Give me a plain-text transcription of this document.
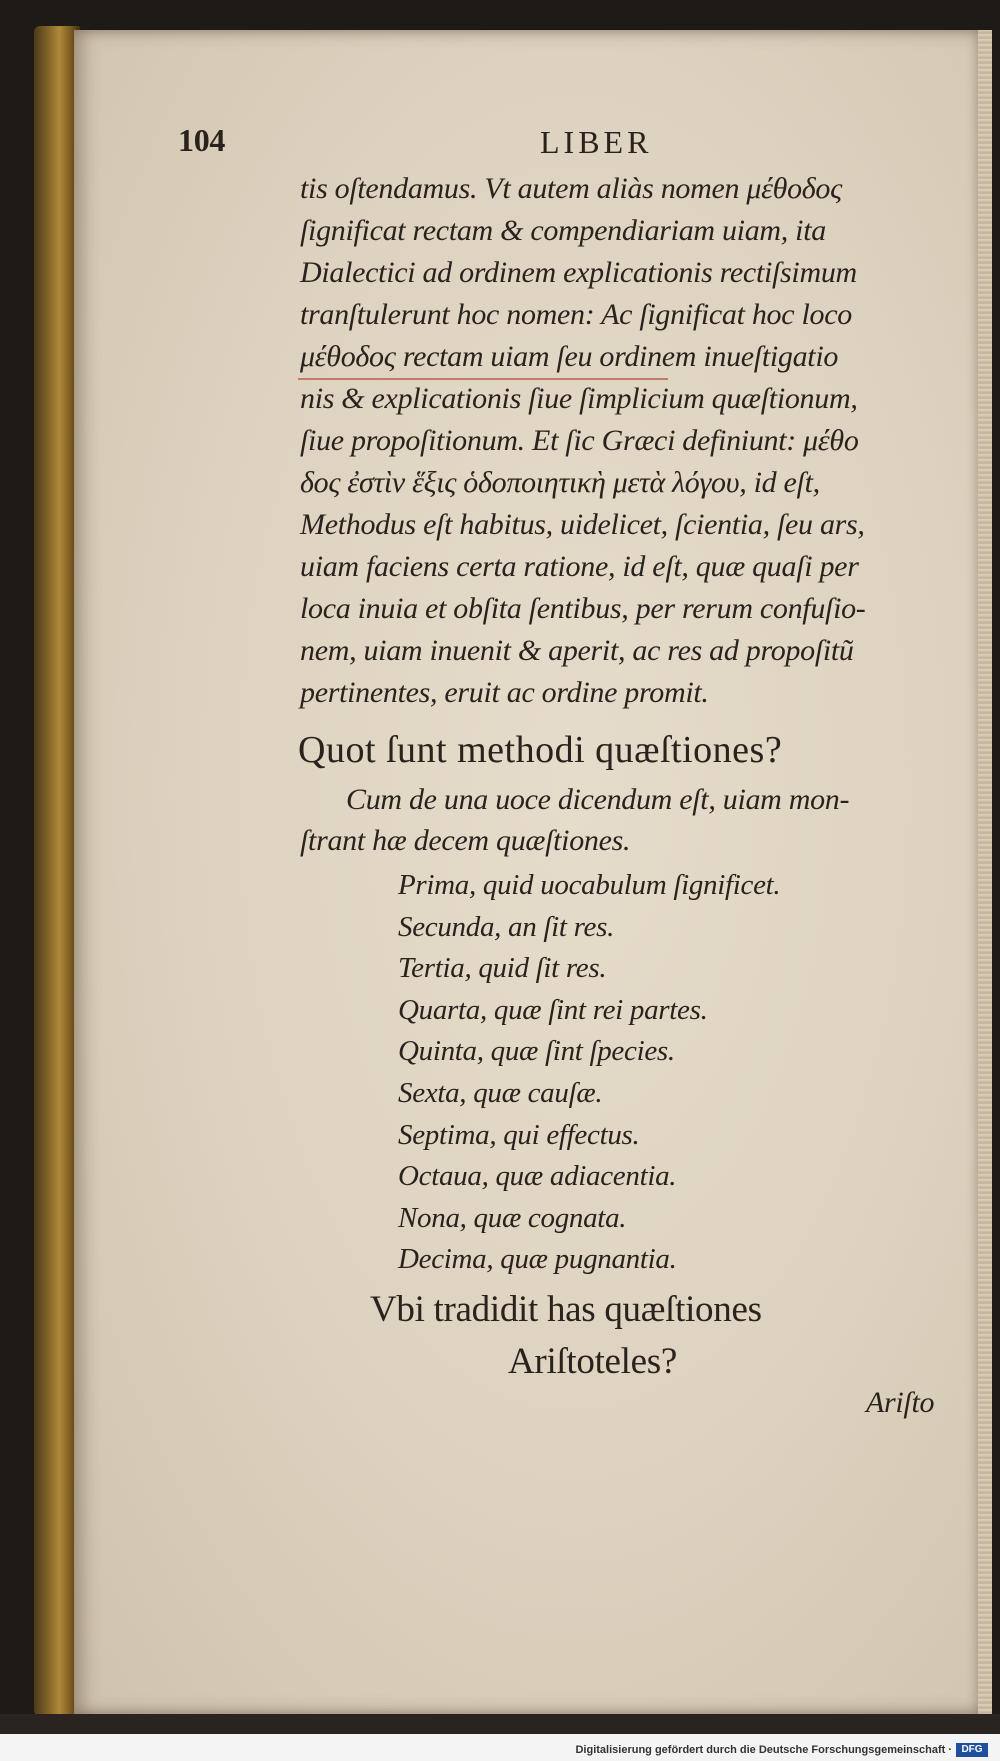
104	LIBER
tis oſtendamus. Vt autem aliàs nomen μέθοδος
ſignificat rectam & compendiariam uiam, ita
Dialectici ad ordinem explicationis rectiſsimum
tranſtulerunt hoc nomen: Ac ſignificat hoc loco
μέθοδος rectam uiam ſeu ordinem inueſtigatio
nis & explicationis ſiue ſimplicium quæſtionum,
ſiue propoſitionum. Et ſic Græci definiunt: μέθο
δος ἐστὶν ἕξις ὁδοποιητικὴ μετὰ λόγου, id eſt,
Methodus eſt habitus, uidelicet, ſcientia, ſeu ars,
uiam faciens certa ratione, id eſt, quæ quaſi per
loca inuia et obſita ſentibus, per rerum confuſio-
nem, uiam inuenit & aperit, ac res ad propoſitũ
pertinentes, eruit ac ordine promit.
Quot ſunt methodi quæſtiones?
Cum de una uoce dicendum eſt, uiam mon-
ſtrant hæ decem quæſtiones.
Prima, quid uocabulum ſignificet.
Secunda, an ſit res.
Tertia, quid ſit res.
Quarta, quæ ſint rei partes.
Quinta, quæ ſint ſpecies.
Sexta, quæ cauſæ.
Septima, qui effectus.
Octaua, quæ adiacentia.
Nona, quæ cognata.
Decima, quæ pugnantia.
Vbi tradidit has quæſtiones
Ariſtoteles?
Ariſto
Digitalisierung gefördert durch die Deutsche Forschungsgemeinschaft · DFG
